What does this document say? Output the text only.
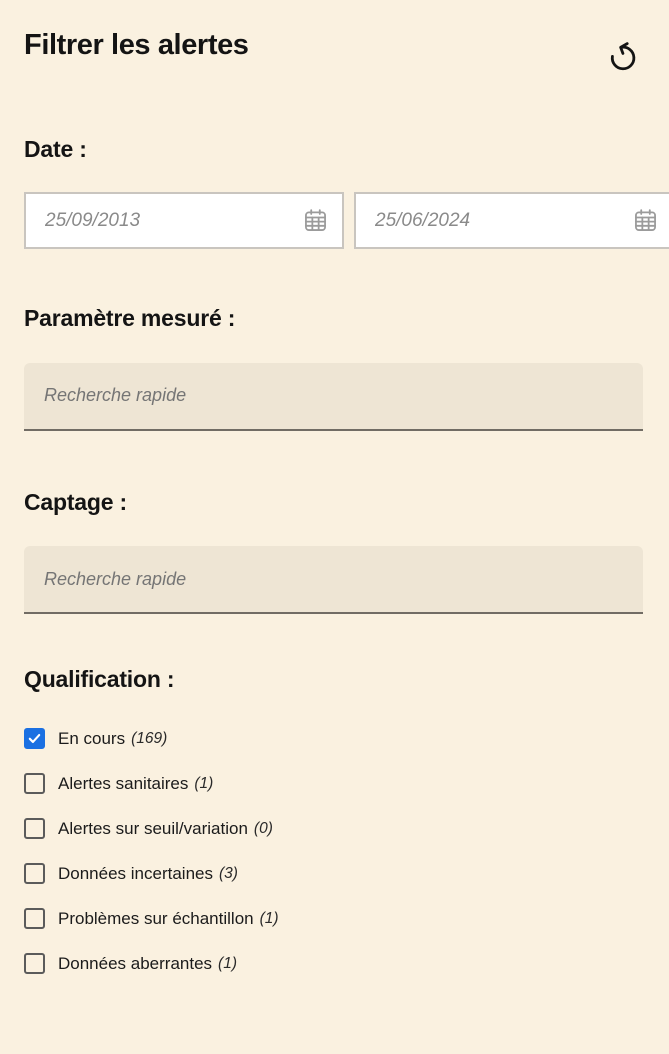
Filtrer les alertes
Date :
25/09/2013
25/06/2024
Paramètre mesuré :
Recherche rapide
Captage :
Recherche rapide
Qualification :
En cours (169)
Alertes sanitaires (1)
Alertes sur seuil/variation (0)
Données incertaines (3)
Problèmes sur échantillon (1)
Données aberrantes (1)
